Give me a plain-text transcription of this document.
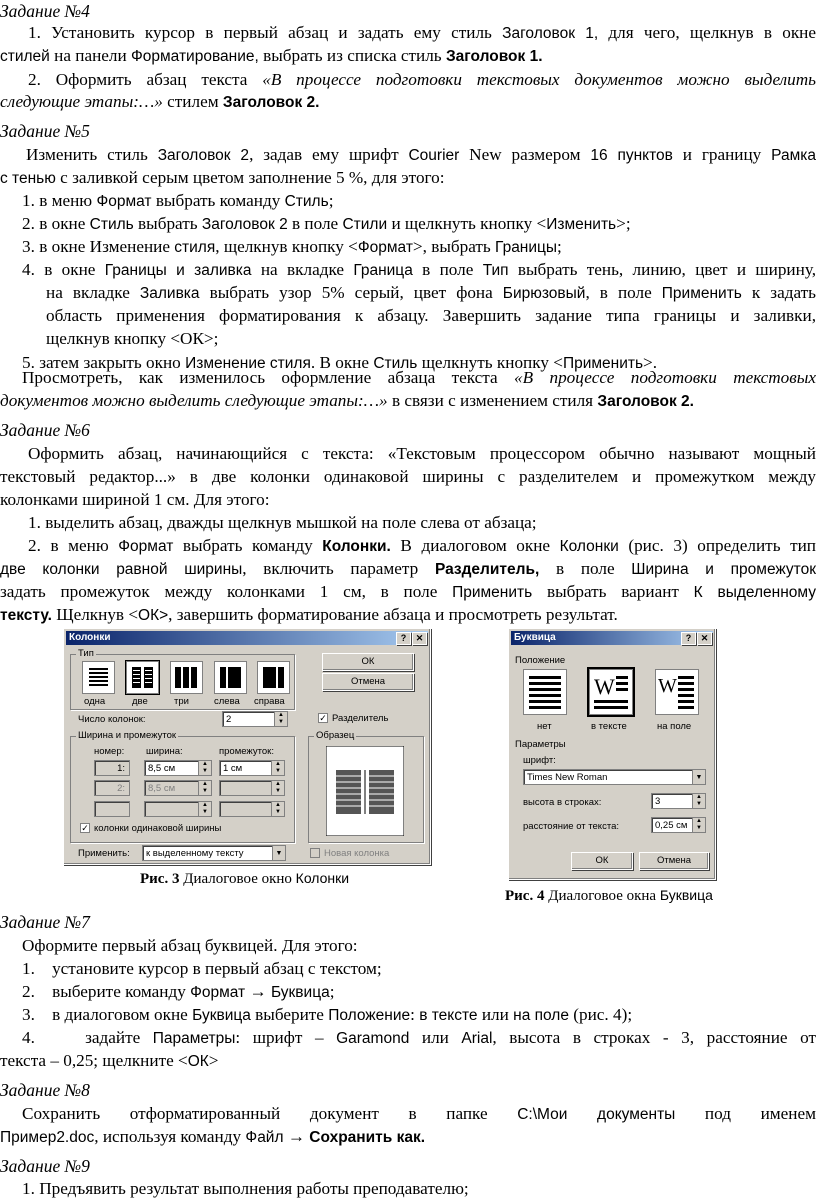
Задание №4

1. Установить курсор в первый абзац и задать ему стиль Заголовок 1, для чего, щелкнув в окне
стилей на панели Форматирование, выбрать из списка стиль Заголовок 1.
2. Оформить абзац текста «В процессе подготовки текстовых документов можно выделить
следующие этапы:…» стилем Заголовок 2.

Задание №5

Изменить стиль Заголовок 2, задав ему шрифт Courier New размером 16 пунктов и границу Рамка
с тенью с заливкой серым цветом заполнение 5 %, для этого:
1. в меню Формат выбрать команду Стиль;
2. в окне Стиль выбрать Заголовок 2 в поле Стили и щелкнуть кнопку <Изменить>;
3. в окне Изменение стиля, щелкнув кнопку <Формат>, выбрать Границы;
4. в окне Границы и заливка на вкладке Граница в поле Тип выбрать тень, линию, цвет и ширину,
на вкладке Заливка выбрать узор 5% серый, цвет фона Бирюзовый, в поле Применить к задать
область применения форматирования к абзацу. Завершить задание типа границы и заливки,
щелкнув кнопку <ОК>;
5. затем закрыть окно Изменение стиля. В окне Стиль щелкнуть кнопку <Применить>.
Просмотреть, как изменилось оформление абзаца текста «В процессе подготовки текстовых
документов можно выделить следующие этапы:…» в связи с изменением стиля Заголовок 2.

Задание №6

Оформить абзац, начинающийся с текста: «Текстовым процессором обычно называют мощный
текстовый редактор...» в две колонки одинаковой ширины с разделителем и промежутком между
колонками шириной 1 см. Для этого:
1. выделить абзац, дважды щелкнув мышкой на поле слева от абзаца;
2. в меню Формат выбрать команду Колонки. В диалоговом окне Колонки (рис. 3) определить тип
две колонки равной ширины, включить параметр Разделитель, в поле Ширина и промежуток
задать промежуток между колонками 1 см, в поле Применить выбрать вариант К выделенному
тексту. Щелкнув <ОК>, завершить форматирование абзаца и просмотреть результат.
Колонки	?	✕
Тип
одна	две	три	слева справа
ОК
Отмена
Число колонок:	2	▲
▼	✓ Разделитель
Ширина и промежуток
номер: ширина:	промежуток:
1:	8,5 см	▲
▼	1 см	▲
▼
2:	8,5 см	▲
▼
▲
▼
▲
▼
▲
▼
✓ колонки одинаковой ширины
Образец
Применить:	к выделенному тексту	▼	Новая колонка
Рис. 3 Диалоговое окно Колонки
Буквица	?	✕
Положение
W W
нет	в тексте	на поле
Параметры
шрифт:
Times New Roman	▼
высота в строках:	3	▲
▼
расстояние от текста:	0,25 см	▲
▼
ОК	Отмена
Рис. 4 Диалоговое окна Буквица

Задание №7

Оформите первый абзац буквицей. Для этого:
1.    установите курсор в первый абзац с текстом;
2.    выберите команду Формат → Буквица;
3.    в диалоговом окне Буквица выберите Положение: в тексте или на поле (рис. 4);
4.    задайте Параметры: шрифт – Garamond или Arial, высота в строках - 3, расстояние от
текста – 0,25; щелкните <ОК>

Задание №8

Сохранить отформатированный документ в папке С:\Мои документы под именем
Пример2.doc, используя команду Файл → Сохранить как.

Задание №9

1. Предъявить результат выполнения работы преподавателю;
